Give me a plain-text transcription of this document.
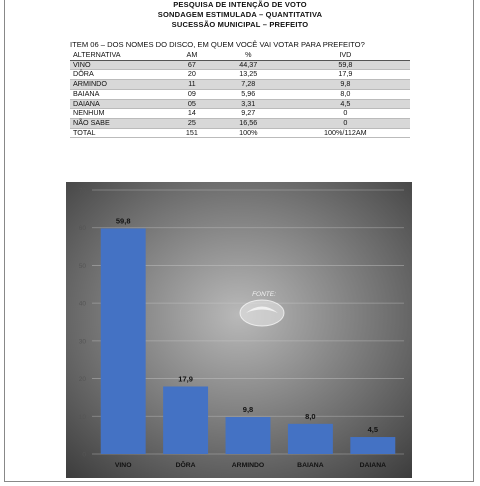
PESQUISA DE INTENÇÃO DE VOTO
SONDAGEM ESTIMULADA – QUANTITATIVA
SUCESSÃO MUNICIPAL – PREFEITO
ITEM 06 – DOS NOMES DO DISCO, EM QUEM VOCÊ VAI VOTAR PARA PREFEITO?
ALTERNATIVA	AM	%	IVD
VINO	67	44,37	59,8
DÔRA	20	13,25	17,9
ARMINDO	11	7,28	9,8
BAIANA	09	5,96	8,0
DAIANA	05	3,31	4,5
NENHUM	14	9,27	0
NÃO SABE	25	16,56	0
TOTAL	151	100%	100%/112AM
0
10
20
30
40
50
60
70
59,8
17,9
9,8
8,0
4,5
VINO	DÔRA	ARMINDO	BAIANA	DAIANA
FONTE:
